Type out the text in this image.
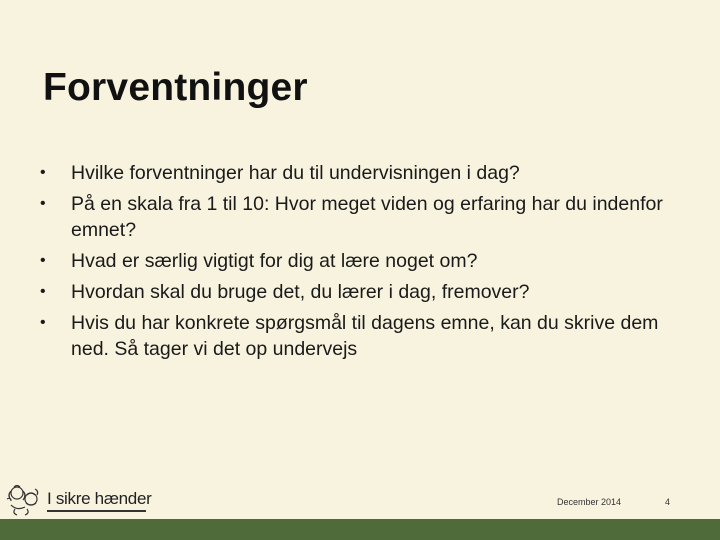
Forventninger
• Hvilke forventninger har du til undervisningen i dag?
• På en skala fra 1 til 10: Hvor meget viden og erfaring har du indenfor emnet?
• Hvad er særlig vigtigt for dig at lære noget om?
• Hvordan skal du bruge det, du lærer i dag, fremover?
• Hvis du har konkrete spørgsmål til dagens emne, kan du skrive dem ned. Så tager vi det op undervejs
I sikre hænder	December 2014	4
